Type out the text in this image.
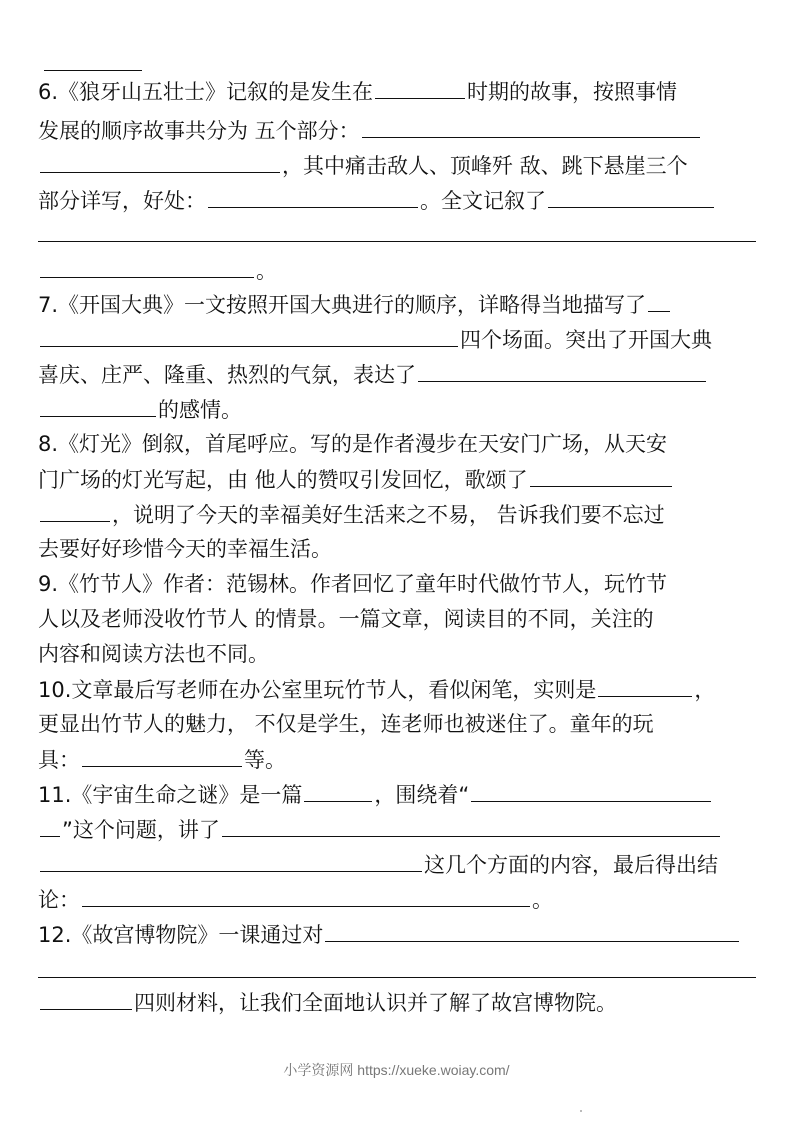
6.《狼牙山五壮士》记叙的是发生在	时期的故事，按照事情
发展的顺序故事共分为 五个部分：
，其中痛击敌人、顶峰歼 敌、跳下悬崖三个
部分详写，好处：	。全文记叙了
。
7.《开国大典》一文按照开国大典进行的顺序，详略得当地描写了
四个场面。突出了开国大典
喜庆、庄严、隆重、热烈的气氛，表达了
的感情。
8.《灯光》倒叙，首尾呼应。写的是作者漫步在天安门广场，从天安
门广场的灯光写起，由 他人的赞叹引发回忆，歌颂了
，说明了今天的幸福美好生活来之不易， 告诉我们要不忘过
去要好好珍惜今天的幸福生活。
9.《竹节人》作者：范锡林。作者回忆了童年时代做竹节人，玩竹节
人以及老师没收竹节人 的情景。一篇文章，阅读目的不同，关注的
内容和阅读方法也不同。
10.文章最后写老师在办公室里玩竹节人，看似闲笔，实则是	，
更显出竹节人的魅力， 不仅是学生，连老师也被迷住了。童年的玩
具：	等。
11.《宇宙生命之谜》是一篇	，围绕着“
”这个问题，讲了
这几个方面的内容，最后得出结
论：	。
12.《故宫博物院》一课通过对
四则材料，让我们全面地认识并了解了故宫博物院。
小学资源网 https://xueke.woiay.com/
